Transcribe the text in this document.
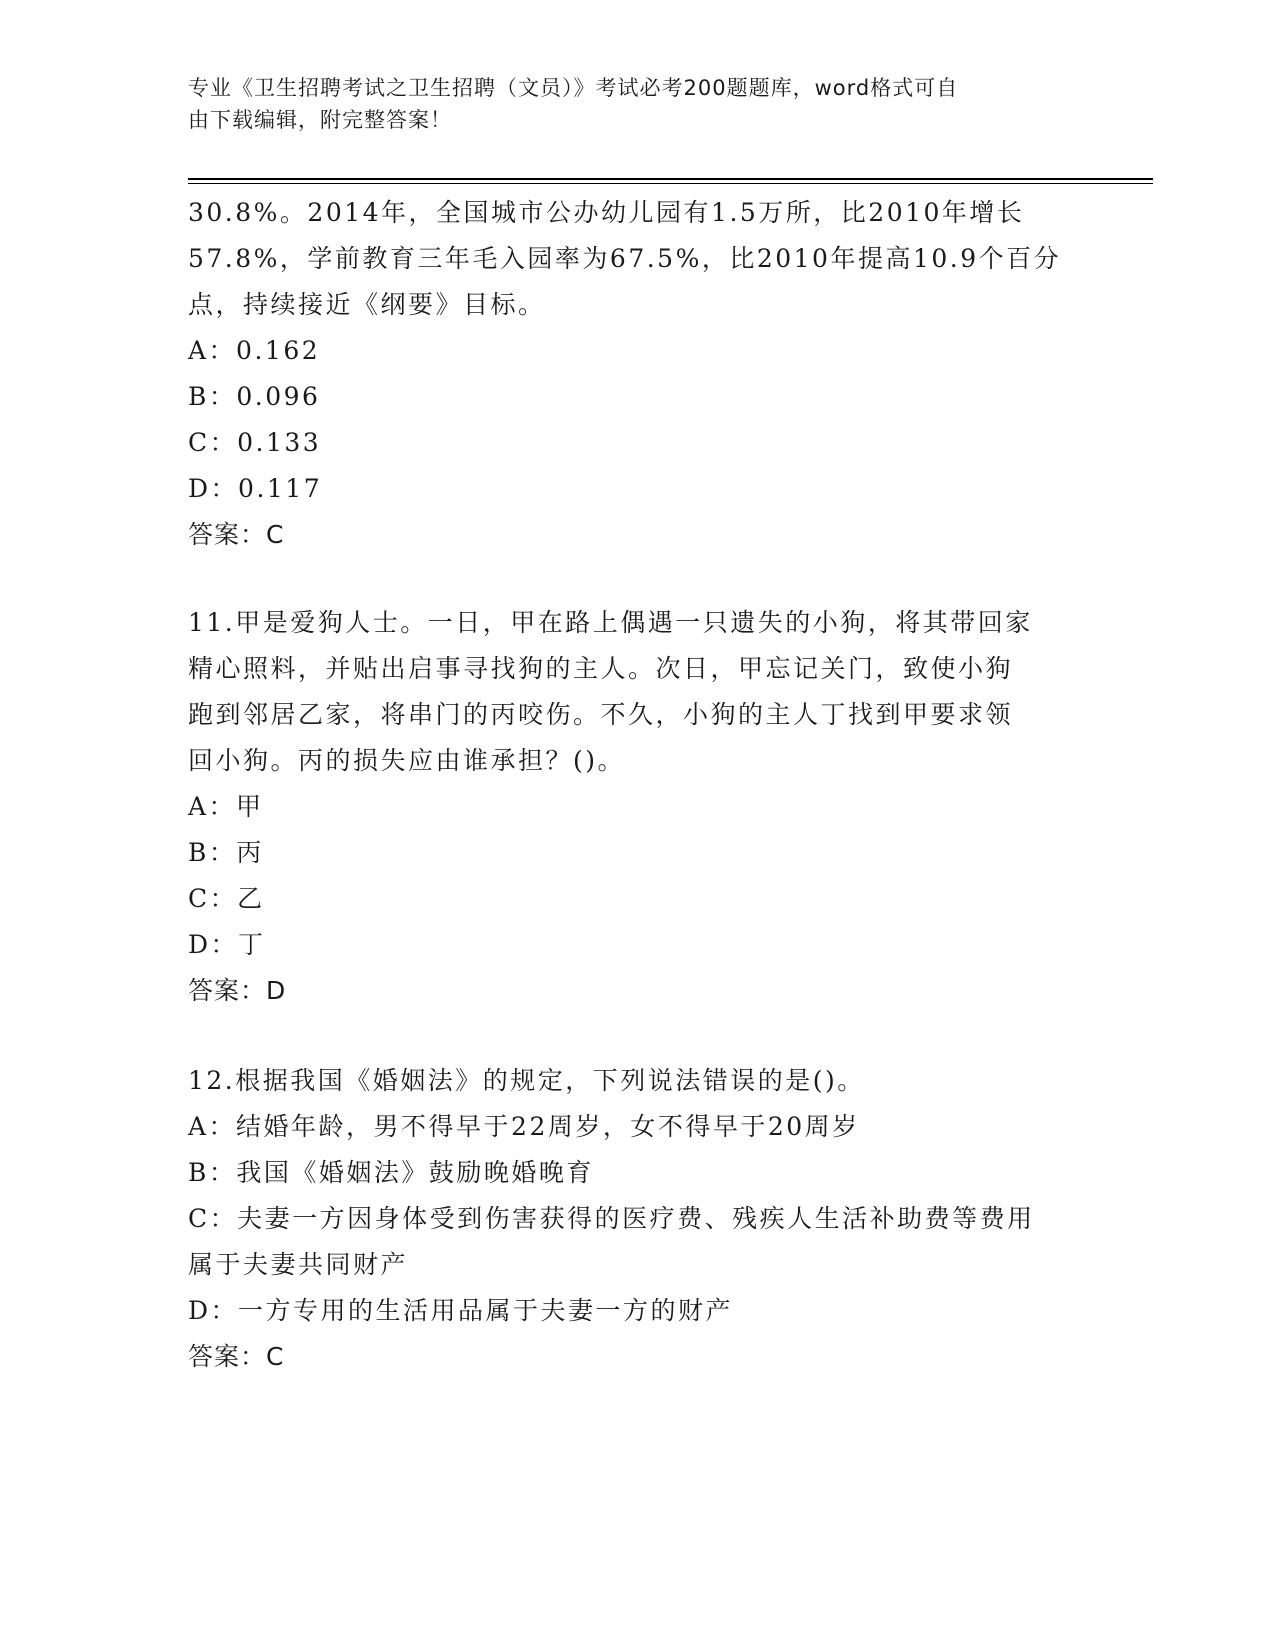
专业《卫生招聘考试之卫生招聘（文员）》考试必考200题题库，word格式可自
由下载编辑，附完整答案！
30.8%。2014年，全国城市公办幼儿园有1.5万所，比2010年增长
57.8%，学前教育三年毛入园率为67.5%，比2010年提高10.9个百分
点，持续接近《纲要》目标。
A：0.162
B：0.096
C：0.133
D：0.117
答案：C
11.甲是爱狗人士。一日，甲在路上偶遇一只遗失的小狗，将其带回家
精心照料，并贴出启事寻找狗的主人。次日，甲忘记关门，致使小狗
跑到邻居乙家，将串门的丙咬伤。不久，小狗的主人丁找到甲要求领
回小狗。丙的损失应由谁承担？()。
A：甲
B：丙
C：乙
D：丁
答案：D
12.根据我国《婚姻法》的规定，下列说法错误的是()。
A：结婚年龄，男不得早于22周岁，女不得早于20周岁
B：我国《婚姻法》鼓励晚婚晚育
C：夫妻一方因身体受到伤害获得的医疗费、残疾人生活补助费等费用
属于夫妻共同财产
D：一方专用的生活用品属于夫妻一方的财产
答案：C
